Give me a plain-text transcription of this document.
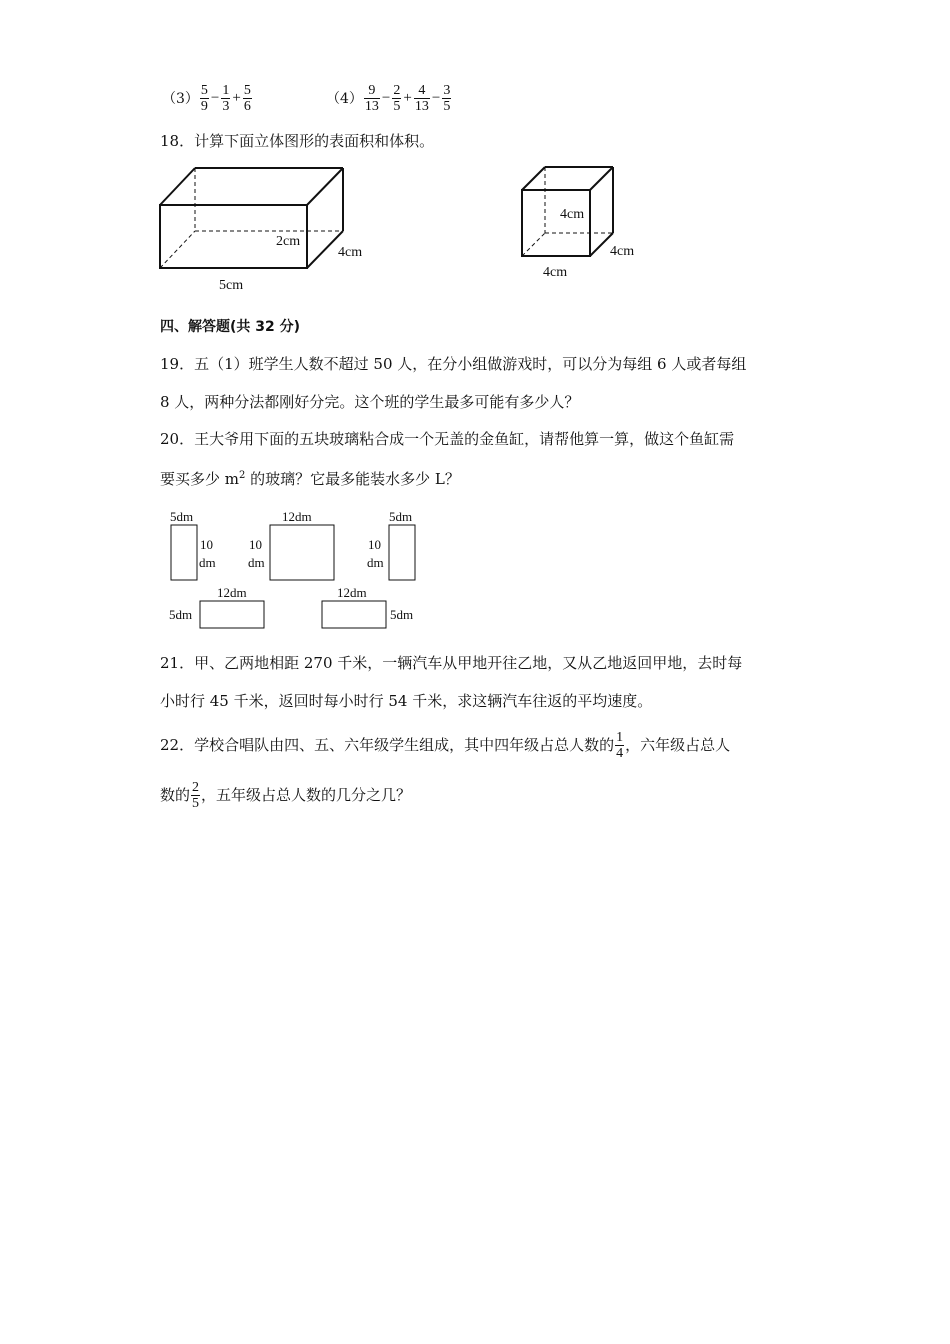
$(3) \frac{5}{9} - \frac{1}{3} + \frac{5}{6}$	$(4) \frac{9}{13} - \frac{2}{5} + \frac{4}{13} - \frac{3}{5}$
18．计算下面立体图形的表面积和体积。
2cm
4cm
5cm
4cm
4cm
4cm
四、解答题(共 32 分)
19．五（1）班学生人数不超过 50 人，在分小组做游戏时，可以分为每组 6 人或者每组
8 人，两种分法都刚好分完。这个班的学生最多可能有多少人？
20．王大爷用下面的五块玻璃粘合成一个无盖的金鱼缸，请帮他算一算，做这个鱼缸需
要买多少 $m^2$ 的玻璃？它最多能装水多少 L？
5dm
10
dm
12dm
10
dm
5dm
10
dm
12dm
5dm
12dm
5dm
21．甲、乙两地相距 270 千米，一辆汽车从甲地开往乙地，又从乙地返回甲地，去时每
小时行 45 千米，返回时每小时行 54 千米，求这辆汽车往返的平均速度。
22．学校合唱队由四、五、六年级学生组成，其中四年级占总人数的 $\frac{1}{4}$ ，六年级占总人
数的 $\frac{2}{5}$ ，五年级占总人数的几分之几？
